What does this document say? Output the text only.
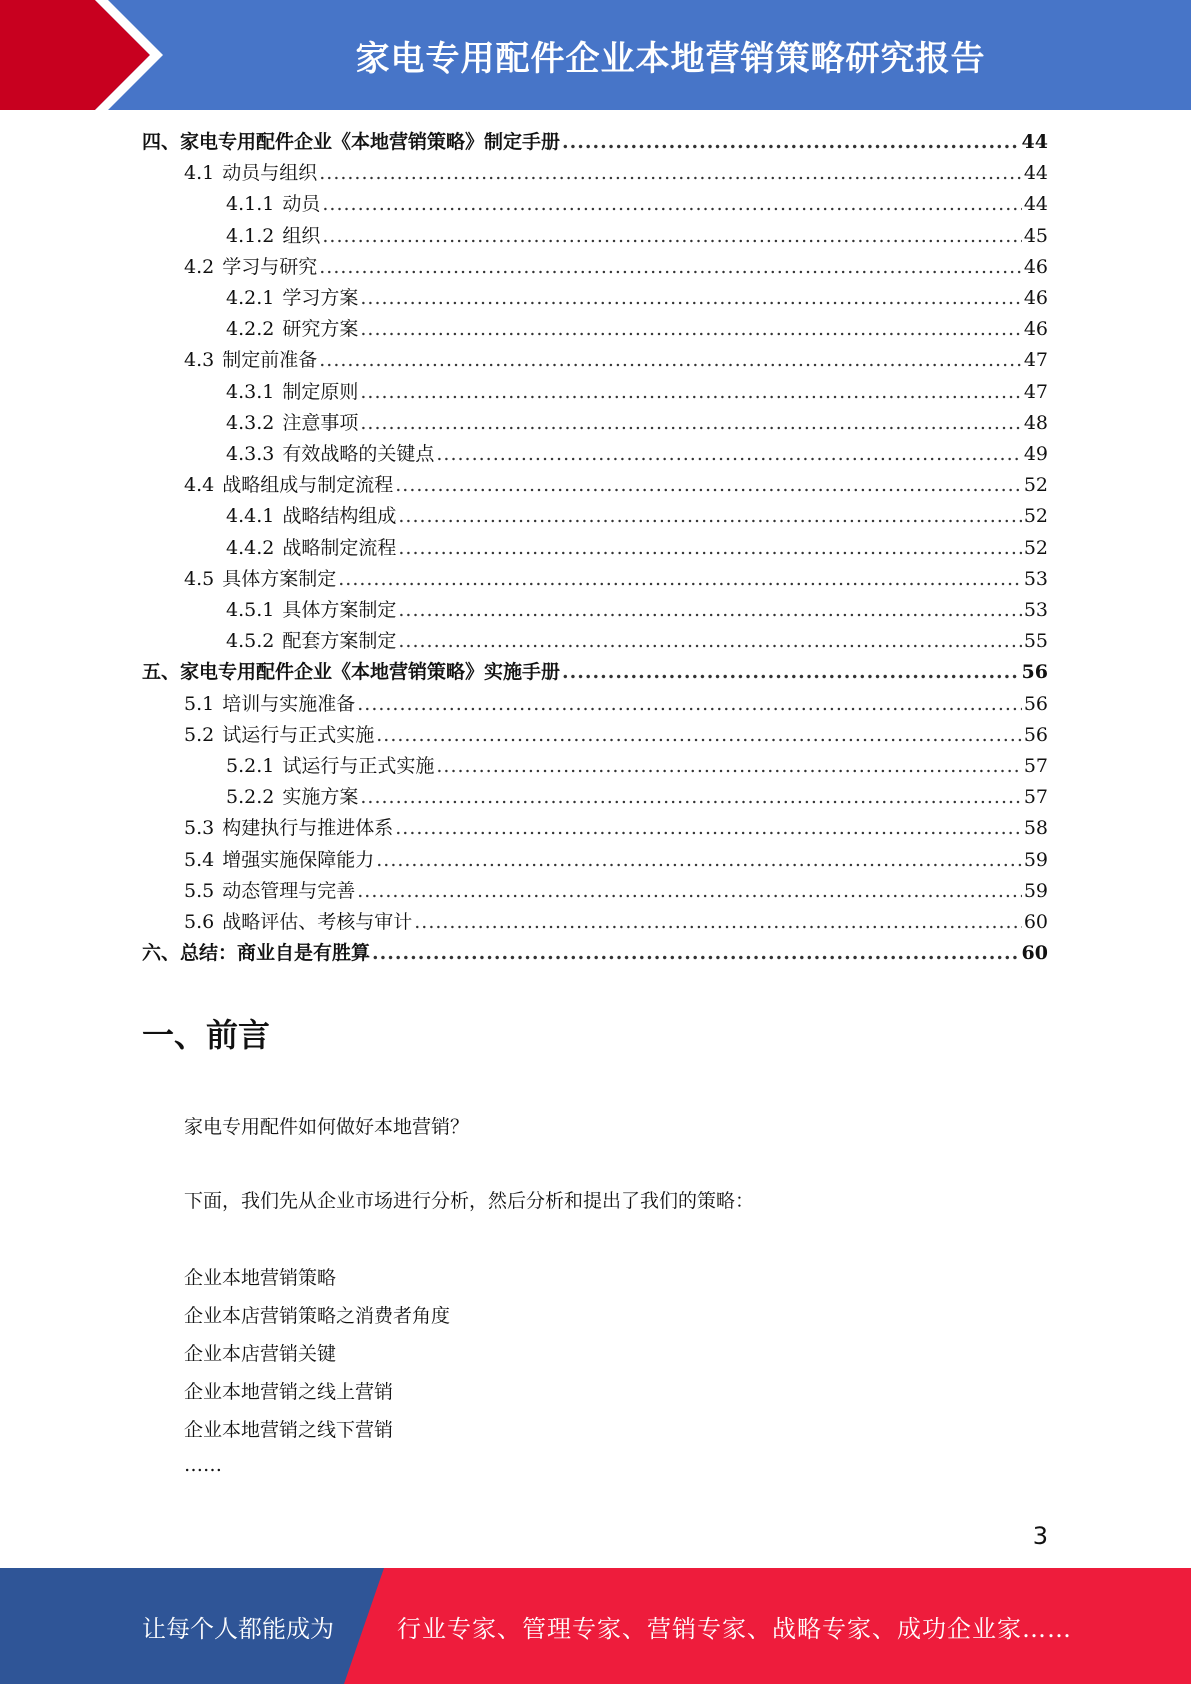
家电专用配件企业本地营销策略研究报告
四、家电专用配件企业《本地营销策略》制定手册 .....	44
4.1 动员与组织 .....	44
4.1.1 动员 .....	44
4.1.2 组织 .....	45
4.2 学习与研究 .....	46
4.2.1 学习方案 .....	46
4.2.2 研究方案 .....	46
4.3 制定前准备 .....	47
4.3.1 制定原则 .....	47
4.3.2 注意事项 .....	48
4.3.3 有效战略的关键点 .....	49
4.4 战略组成与制定流程 .....	52
4.4.1 战略结构组成 .....	52
4.4.2 战略制定流程 .....	52
4.5 具体方案制定 .....	53
4.5.1 具体方案制定 .....	53
4.5.2 配套方案制定 .....	55
五、家电专用配件企业《本地营销策略》实施手册 .....	56
5.1 培训与实施准备 .....	56
5.2 试运行与正式实施 .....	56
5.2.1 试运行与正式实施 .....	57
5.2.2 实施方案 .....	57
5.3 构建执行与推进体系 .....	58
5.4 增强实施保障能力 .....	59
5.5 动态管理与完善 .....	59
5.6 战略评估、考核与审计 .....	60
六、总结：商业自是有胜算 .....	60
一、前言
家电专用配件如何做好本地营销？
下面，我们先从企业市场进行分析，然后分析和提出了我们的策略：
企业本地营销策略
企业本店营销策略之消费者角度
企业本店营销关键
企业本地营销之线上营销
企业本地营销之线下营销
……
3
让每个人都能成为	行业专家、管理专家、营销专家、战略专家、成功企业家……
